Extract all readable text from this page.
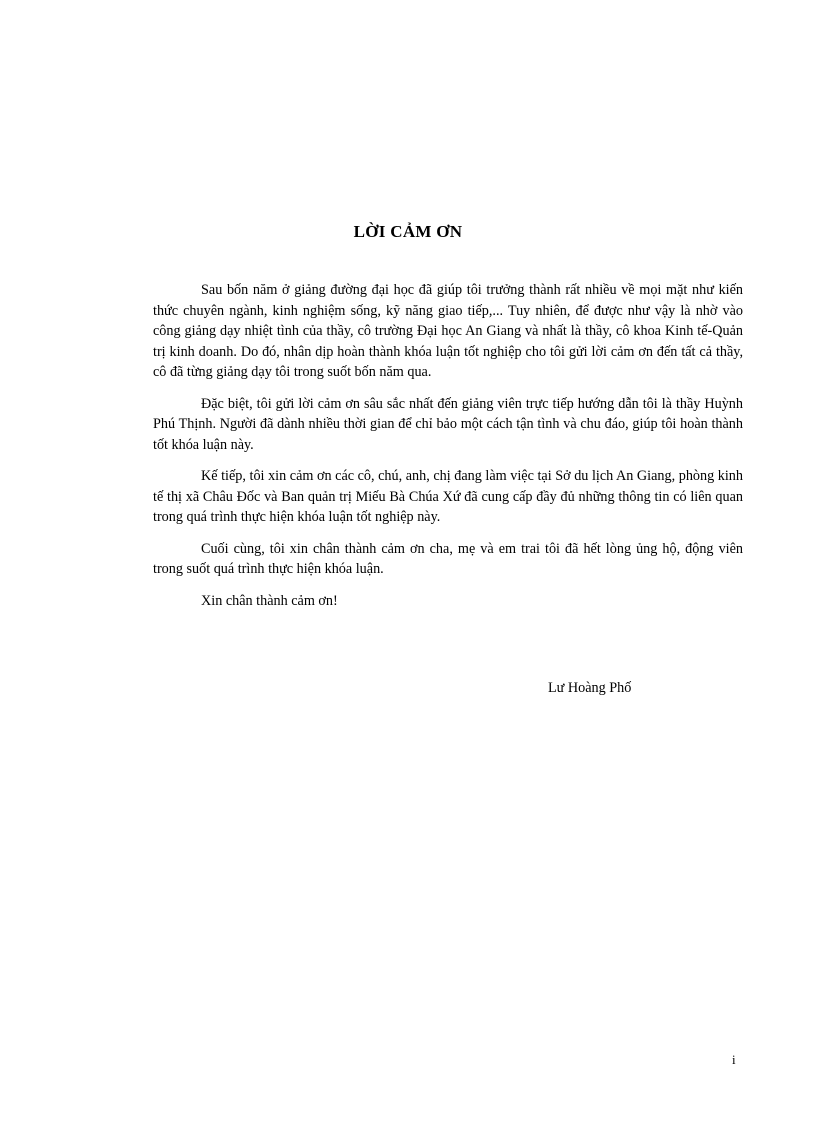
LỜI CẢM ƠN

Sau bốn năm ở giảng đường đại học đã giúp tôi trưởng thành rất nhiều về mọi mặt như kiến thức chuyên ngành, kinh nghiệm sống, kỹ năng giao tiếp,... Tuy nhiên, để được như vậy là nhờ vào công giảng dạy nhiệt tình của thầy, cô trường Đại học An Giang và nhất là thầy, cô khoa Kinh tế-Quản trị kinh doanh. Do đó, nhân dịp hoàn thành khóa luận tốt nghiệp cho tôi gửi lời cảm ơn đến tất cả thầy, cô đã từng giảng dạy tôi trong suốt bốn năm qua.

Đặc biệt, tôi gửi lời cảm ơn sâu sắc nhất đến giảng viên trực tiếp hướng dẫn tôi là thầy Huỳnh Phú Thịnh. Người đã dành nhiều thời gian để chỉ bảo một cách tận tình và chu đáo, giúp tôi hoàn thành tốt khóa luận này.

Kế tiếp, tôi xin cảm ơn các cô, chú, anh, chị đang làm việc tại Sở du lịch An Giang, phòng kinh tế thị xã Châu Đốc và Ban quản trị Miếu Bà Chúa Xứ đã cung cấp đầy đủ những thông tin có liên quan trong quá trình thực hiện khóa luận tốt nghiệp này.

Cuối cùng, tôi xin chân thành cảm ơn cha, mẹ và em trai tôi đã hết lòng ủng hộ, động viên trong suốt quá trình thực hiện khóa luận.

Xin chân thành cảm ơn!

Lư Hoàng Phố
i
